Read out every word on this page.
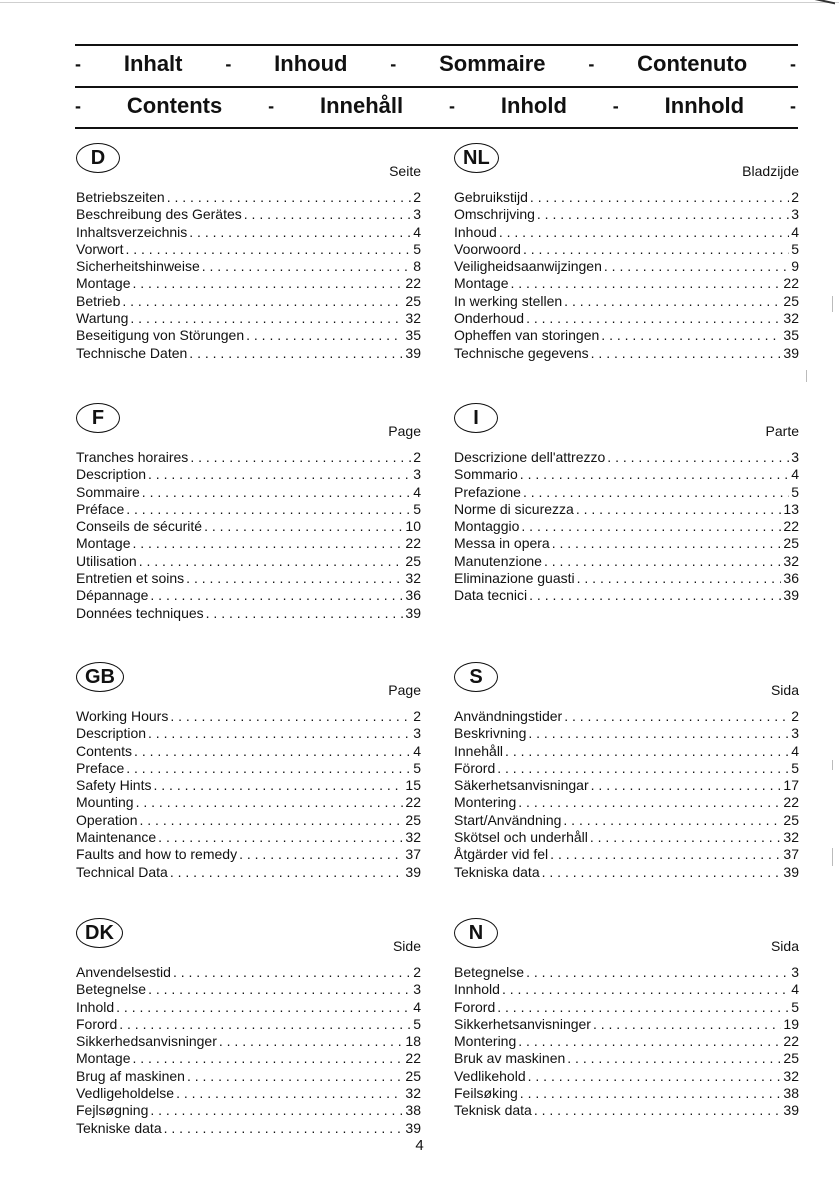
- Inhalt - Inhoud - Sommaire - Contenuto -
- Contents	- Innehåll	- Inhold	- Innhold	-
D
Seite
Betriebszeiten . . .	2
Beschreibung des Gerätes . . .	3
Inhaltsverzeichnis . . .	4
Vorwort . . .	5
Sicherheitshinweise . . .	8
Montage . . .	22
Betrieb . . .	25
Wartung . . .	32
Beseitigung von Störungen . . .	35
Technische Daten . . .	39
NL
Bladzijde
Gebruikstijd . . .	2
Omschrijving . . .	3
Inhoud . . .	4
Voorwoord . . .	5
Veiligheidsaanwijzingen . . .	9
Montage . . .	22
In werking stellen . . .	25
Onderhoud . . .	32
Opheffen van storingen . . .	35
Technische gegevens . . .	39
F
Page
Tranches horaires . . .	2
Description . . .	3
Sommaire . . .	4
Préface . . .	5
Conseils de sécurité . . .	10
Montage . . .	22
Utilisation . . .	25
Entretien et soins . . .	32
Dépannage . . .	36
Données techniques . . .	39
I
Parte
Descrizione dell'attrezzo . . .	3
Sommario . . .	4
Prefazione . . .	5
Norme di sicurezza . . .	13
Montaggio . . .	22
Messa in opera . . .	25
Manutenzione . . .	32
Eliminazione guasti . . .	36
Data tecnici . . .	39
GB
Page
Working Hours . . .	2
Description . . .	3
Contents . . .	4
Preface . . .	5
Safety Hints . . .	15
Mounting . . .	22
Operation . . .	25
Maintenance . . .	32
Faults and how to remedy . . .	37
Technical Data . . .	39
S
Sida
Användningstider . . .	2
Beskrivning . . .	3
Innehåll . . .	4
Förord . . .	5
Säkerhetsanvisningar . . .	17
Montering . . .	22
Start/Användning . . .	25
Skötsel och underhåll . . .	32
Åtgärder vid fel . . .	37
Tekniska data . . .	39
DK
Side
Anvendelsestid . . .	2
Betegnelse . . .	3
Inhold . . .	4
Forord . . .	5
Sikkerhedsanvisninger . . .	18
Montage . . .	22
Brug af maskinen . . .	25
Vedligeholdelse . . .	32
Fejlsøgning . . .	38
Tekniske data . . .	39
N
Sida
Betegnelse . . .	3
Innhold . . .	4
Forord . . .	5
Sikkerhetsanvisninger . . .	19
Montering . . .	22
Bruk av maskinen . . .	25
Vedlikehold . . .	32
Feilsøking . . .	38
Teknisk data . . .	39
4
